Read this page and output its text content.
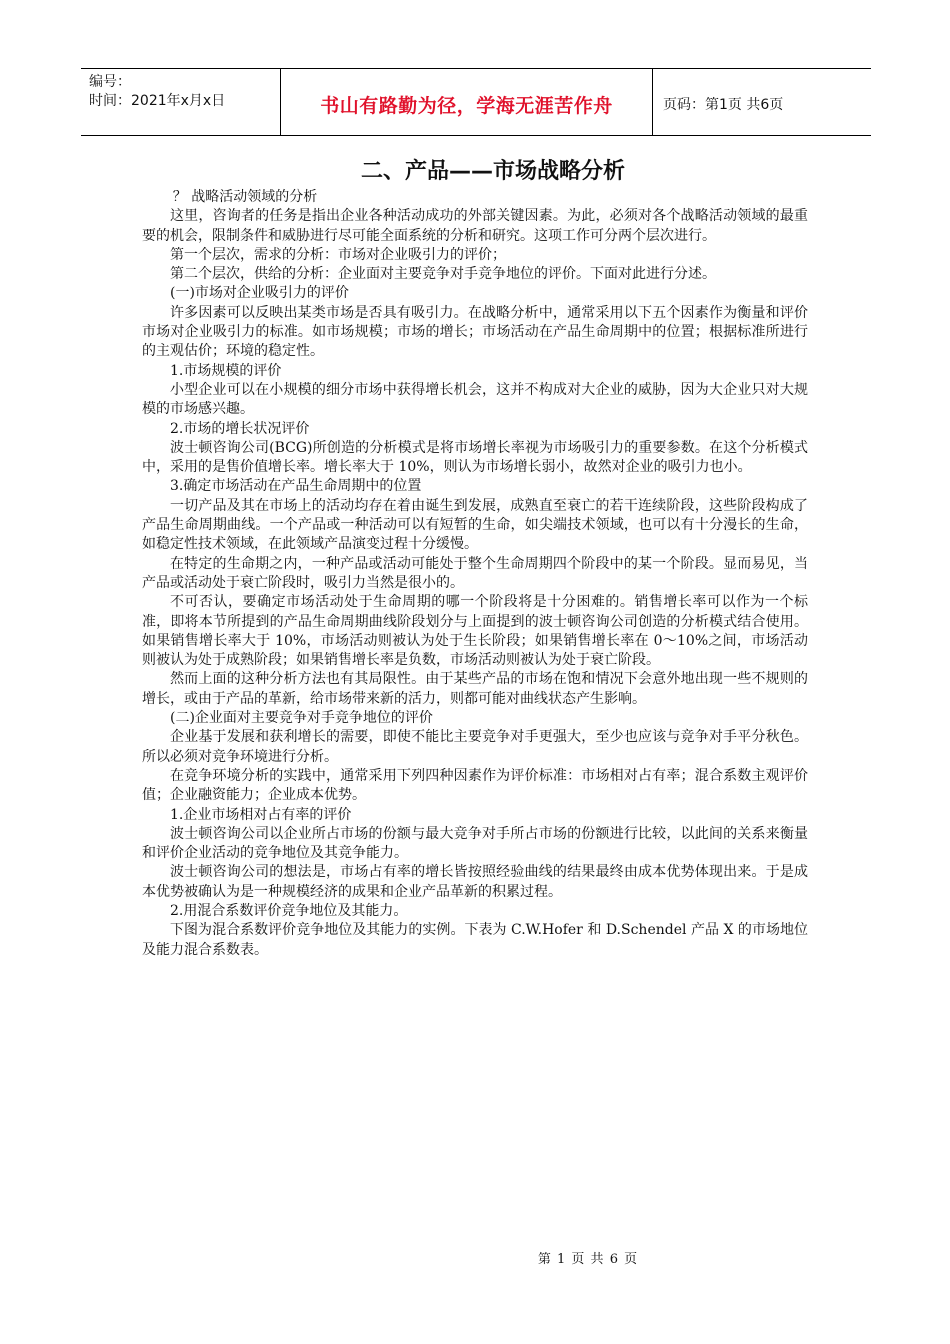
编号：
时间：2021年x月x日	书山有路勤为径，学海无涯苦作舟	页码：第1页 共6页
二、产品——市场战略分析

？ 战略活动领域的分析

这里，咨询者的任务是指出企业各种活动成功的外部关键因素。为此，必须对各个战略活动领域的最重要的机会，限制条件和威胁进行尽可能全面系统的分析和研究。这项工作可分两个层次进行。

第一个层次，需求的分析：市场对企业吸引力的评价；

第二个层次，供给的分析：企业面对主要竞争对手竞争地位的评价。下面对此进行分述。

(一)市场对企业吸引力的评价

许多因素可以反映出某类市场是否具有吸引力。在战略分析中，通常采用以下五个因素作为衡量和评价市场对企业吸引力的标准。如市场规模；市场的增长；市场活动在产品生命周期中的位置；根据标准所进行的主观估价；环境的稳定性。

1.市场规模的评价

小型企业可以在小规模的细分市场中获得增长机会，这并不构成对大企业的威胁，因为大企业只对大规模的市场感兴趣。

2.市场的增长状况评价

波士顿咨询公司(BCG)所创造的分析模式是将市场增长率视为市场吸引力的重要参数。在这个分析模式中，采用的是售价值增长率。增长率大于 10%，则认为市场增长弱小，故然对企业的吸引力也小。

3.确定市场活动在产品生命周期中的位置

一切产品及其在市场上的活动均存在着由诞生到发展，成熟直至衰亡的若干连续阶段，这些阶段构成了产品生命周期曲线。一个产品或一种活动可以有短暂的生命，如尖端技术领域，也可以有十分漫长的生命，如稳定性技术领域，在此领域产品演变过程十分缓慢。

在特定的生命期之内，一种产品或活动可能处于整个生命周期四个阶段中的某一个阶段。显而易见，当产品或活动处于衰亡阶段时，吸引力当然是很小的。

不可否认，要确定市场活动处于生命周期的哪一个阶段将是十分困难的。销售增长率可以作为一个标准，即将本节所提到的产品生命周期曲线阶段划分与上面提到的波士顿咨询公司创造的分析模式结合使用。如果销售增长率大于 10%，市场活动则被认为处于生长阶段；如果销售增长率在 0～10%之间，市场活动则被认为处于成熟阶段；如果销售增长率是负数，市场活动则被认为处于衰亡阶段。

然而上面的这种分析方法也有其局限性。由于某些产品的市场在饱和情况下会意外地出现一些不规则的增长，或由于产品的革新，给市场带来新的活力，则都可能对曲线状态产生影响。

(二)企业面对主要竞争对手竞争地位的评价

企业基于发展和获利增长的需要，即使不能比主要竞争对手更强大，至少也应该与竞争对手平分秋色。所以必须对竞争环境进行分析。

在竞争环境分析的实践中，通常采用下列四种因素作为评价标准：市场相对占有率；混合系数主观评价值；企业融资能力；企业成本优势。

1.企业市场相对占有率的评价

波士顿咨询公司以企业所占市场的份额与最大竞争对手所占市场的份额进行比较，以此间的关系来衡量和评价企业活动的竞争地位及其竞争能力。

波士顿咨询公司的想法是，市场占有率的增长皆按照经验曲线的结果最终由成本优势体现出来。于是成本优势被确认为是一种规模经济的成果和企业产品革新的积累过程。

2.用混合系数评价竞争地位及其能力。

下图为混合系数评价竞争地位及其能力的实例。下表为 C.W.Hofer 和 D.Schendel 产品 X 的市场地位及能力混合系数表。

第 1 页 共 6 页
